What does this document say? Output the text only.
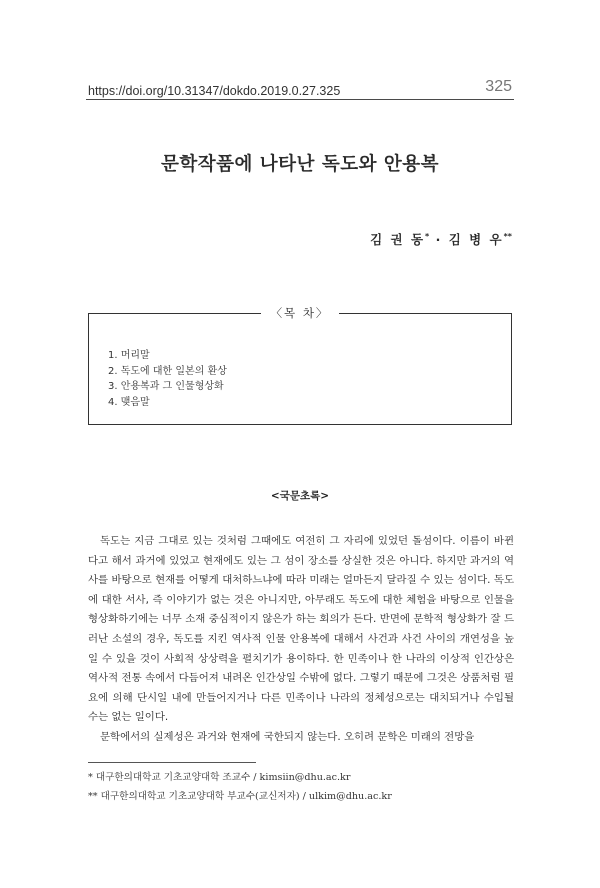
https://doi.org/10.31347/dokdo.2019.0.27.325	325
문학작품에 나타난 독도와 안용복
김 권 동* · 김 병 우**
〈목 차〉
1. 머리말
2. 독도에 대한 일본의 환상
3. 안용복과 그 인물형상화
4. 맺음말
<국문초록>

독도는 지금 그대로 있는 것처럼 그때에도 여전히 그 자리에 있었던 돌섬이다. 이름이 바뀐다고 해서 과거에 있었고 현재에도 있는 그 섬이 장소를 상실한 것은 아니다. 하지만 과거의 역사를 바탕으로 현재를 어떻게 대처하느냐에 따라 미래는 얼마든지 달라질 수 있는 섬이다. 독도에 대한 서사, 즉 이야기가 없는 것은 아니지만, 아무래도 독도에 대한 체험을 바탕으로 인물을 형상화하기에는 너무 소재 중심적이지 않은가 하는 회의가 든다. 반면에 문학적 형상화가 잘 드러난 소설의 경우, 독도를 지킨 역사적 인물 안용복에 대해서 사건과 사건 사이의 개연성을 높일 수 있을 것이 사회적 상상력을 펼치기가 용이하다. 한 민족이나 한 나라의 이상적 인간상은 역사적 전통 속에서 다듬어져 내려온 인간상일 수밖에 없다. 그렇기 때문에 그것은 상품처럼 필요에 의해 단시일 내에 만들어지거나 다른 민족이나 나라의 정체성으로는 대치되거나 수입될 수는 없는 일이다.

문학에서의 실제성은 과거와 현재에 국한되지 않는다. 오히려 문학은 미래의 전망을

* 대구한의대학교 기초교양대학 조교수 / kimsiin@dhu.ac.kr
** 대구한의대학교 기초교양대학 부교수(교신저자) / ulkim@dhu.ac.kr
